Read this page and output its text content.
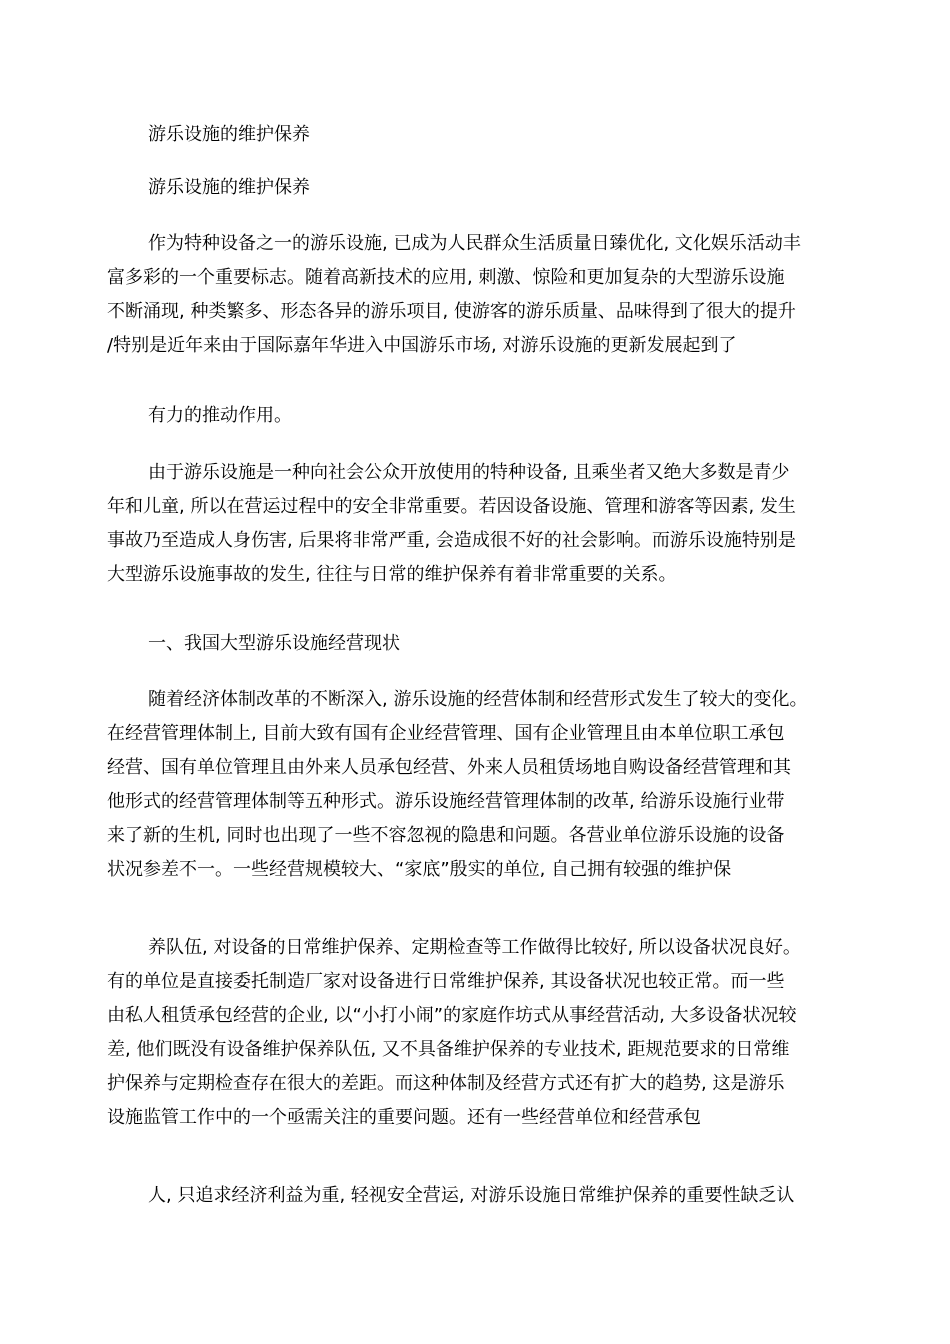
游乐设施的维护保养
游乐设施的维护保养
作为特种设备之一的游乐设施, 已成为人民群众生活质量日臻优化, 文化娱乐活动丰
富多彩的一个重要标志。随着高新技术的应用, 刺激、惊险和更加复杂的大型游乐设施
不断涌现, 种类繁多、形态各异的游乐项目, 使游客的游乐质量、品味得到了很大的提升
/特别是近年来由于国际嘉年华进入中国游乐市场, 对游乐设施的更新发展起到了
有力的推动作用。
由于游乐设施是一种向社会公众开放使用的特种设备, 且乘坐者又绝大多数是青少
年和儿童, 所以在营运过程中的安全非常重要。若因设备设施、管理和游客等因素, 发生
事故乃至造成人身伤害, 后果将非常严重, 会造成很不好的社会影响。而游乐设施特别是
大型游乐设施事故的发生, 往往与日常的维护保养有着非常重要的关系。
一、我国大型游乐设施经营现状
随着经济体制改革的不断深入, 游乐设施的经营体制和经营形式发生了较大的变化。
在经营管理体制上, 目前大致有国有企业经营管理、国有企业管理且由本单位职工承包
经营、国有单位管理且由外来人员承包经营、外来人员租赁场地自购设备经营管理和其
他形式的经营管理体制等五种形式。游乐设施经营管理体制的改革, 给游乐设施行业带
来了新的生机, 同时也出现了一些不容忽视的隐患和问题。各营业单位游乐设施的设备
状况参差不一。一些经营规模较大、“家底”殷实的单位, 自己拥有较强的维护保
养队伍, 对设备的日常维护保养、定期检查等工作做得比较好, 所以设备状况良好。
有的单位是直接委托制造厂家对设备进行日常维护保养, 其设备状况也较正常。而一些
由私人租赁承包经营的企业, 以“小打小闹”的家庭作坊式从事经营活动, 大多设备状况较
差, 他们既没有设备维护保养队伍, 又不具备维护保养的专业技术, 距规范要求的日常维
护保养与定期检查存在很大的差距。而这种体制及经营方式还有扩大的趋势, 这是游乐
设施监管工作中的一个亟需关注的重要问题。还有一些经营单位和经营承包
人, 只追求经济利益为重, 轻视安全营运, 对游乐设施日常维护保养的重要性缺乏认
